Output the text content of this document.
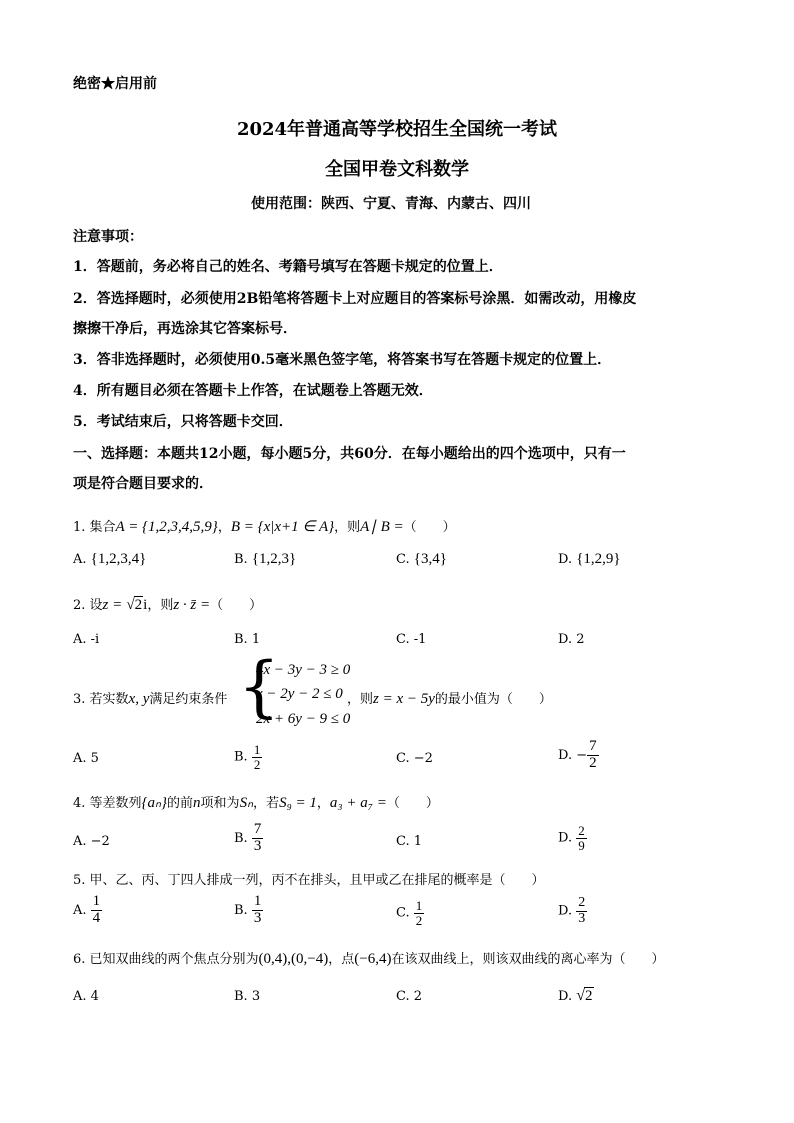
绝密★启用前
2024年普通高等学校招生全国统一考试
全国甲卷文科数学
使用范围：陕西、宁夏、青海、内蒙古、四川
注意事项：
1．答题前，务必将自己的姓名、考籍号填写在答题卡规定的位置上．
2．答选择题时，必须使用2B铅笔将答题卡上对应题目的答案标号涂黑．如需改动，用橡皮
擦擦干净后，再选涂其它答案标号．
3．答非选择题时，必须使用0.5毫米黑色签字笔，将答案书写在答题卡规定的位置上．
4．所有题目必须在答题卡上作答，在试题卷上答题无效．
5．考试结束后，只将答题卡交回．
一、选择题：本题共12小题，每小题5分，共60分．在每小题给出的四个选项中，只有一
项是符合题目要求的．
1. 集合A = {1,2,3,4,5,9}，B = {x|x+1 ∈ A}，则A∣ B =（　　）
A. {1,2,3,4}	B. {1,2,3}	C. {3,4}	D. {1,2,9}
2. 设z = √2i，则z · z̄ =（　　）
A. -i	B. 1	C. -1	D. 2
3. 若实数x, y满足约束条件 {
4x − 3y − 3 ≥ 0
x − 2y − 2 ≤ 0
2x + 6y − 9 ≤ 0
，则z = x − 5y的最小值为（　　）
A. 5	B. $\frac{1}{2}$	C. −2	D. − $\frac{7}{2}$
4. 等差数列{aₙ}的前n项和为Sₙ，若S₉ = 1，a₃ + a₇ =（　　）
A. −2	B. $\frac{7}{3}$	C. 1	D. $\frac{2}{9}$
5. 甲、乙、丙、丁四人排成一列，丙不在排头，且甲或乙在排尾的概率是（　　）
A. $\frac{1}{4}$	B. $\frac{1}{3}$	C. $\frac{1}{2}$	D. $\frac{2}{3}$
6. 已知双曲线的两个焦点分别为(0,4),(0,−4)，点(−6,4)在该双曲线上，则该双曲线的离心率为（　　）
A. 4	B. 3	C. 2	D. √2
